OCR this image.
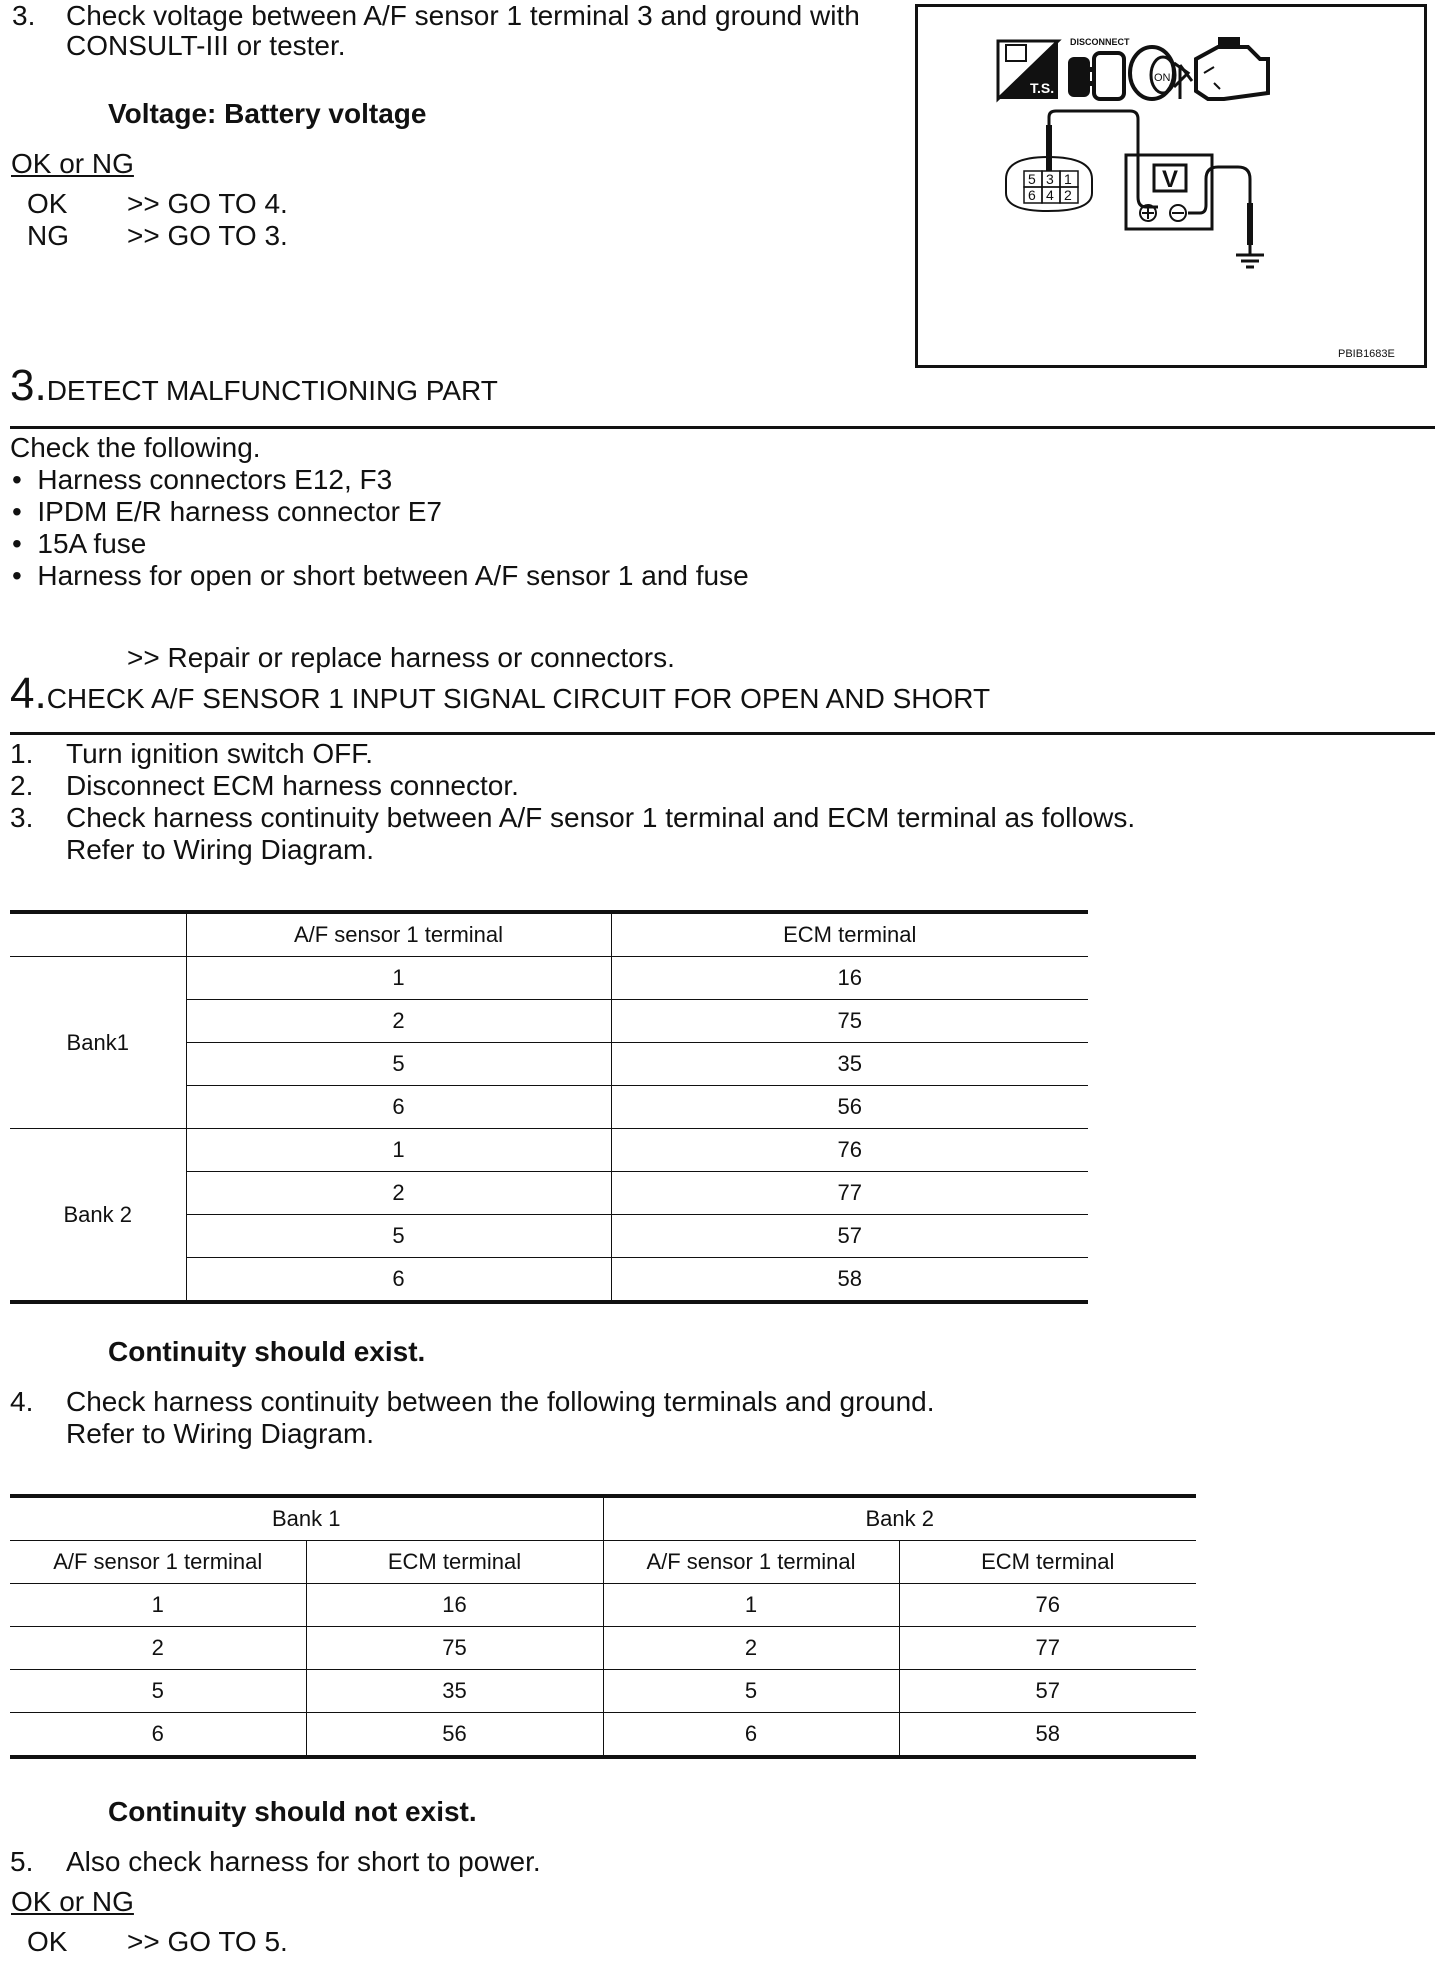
3. Check voltage between A/F sensor 1 terminal 3 and ground with
CONSULT-III or tester.
Voltage: Battery voltage
OK or NG
OK >> GO TO 4.
NG >> GO TO 3.
T.S.
DISCONNECT
ON
5 3 1
6 4 2
V
PBIB1683E
3.DETECT MALFUNCTIONING PART
Check the following.
•  Harness connectors E12, F3
•  IPDM E/R harness connector E7
•  15A fuse
•  Harness for open or short between A/F sensor 1 and fuse
>> Repair or replace harness or connectors.
4.CHECK A/F SENSOR 1 INPUT SIGNAL CIRCUIT FOR OPEN AND SHORT
1. Turn ignition switch OFF.
2. Disconnect ECM harness connector.
3. Check harness continuity between A/F sensor 1 terminal and ECM terminal as follows.
Refer to Wiring Diagram.
	A/F sensor 1 terminal	ECM terminal
Bank1	1	16
	2	75
	5	35
	6	56
Bank 2	1	76
	2	77
	5	57
	6	58
Continuity should exist.
4. Check harness continuity between the following terminals and ground.
Refer to Wiring Diagram.
Bank 1		Bank 2	
A/F sensor 1 terminal	ECM terminal	A/F sensor 1 terminal	ECM terminal
1	16	1	76
2	75	2	77
5	35	5	57
6	56	6	58
Continuity should not exist.
5. Also check harness for short to power.
OK or NG
OK >> GO TO 5.
